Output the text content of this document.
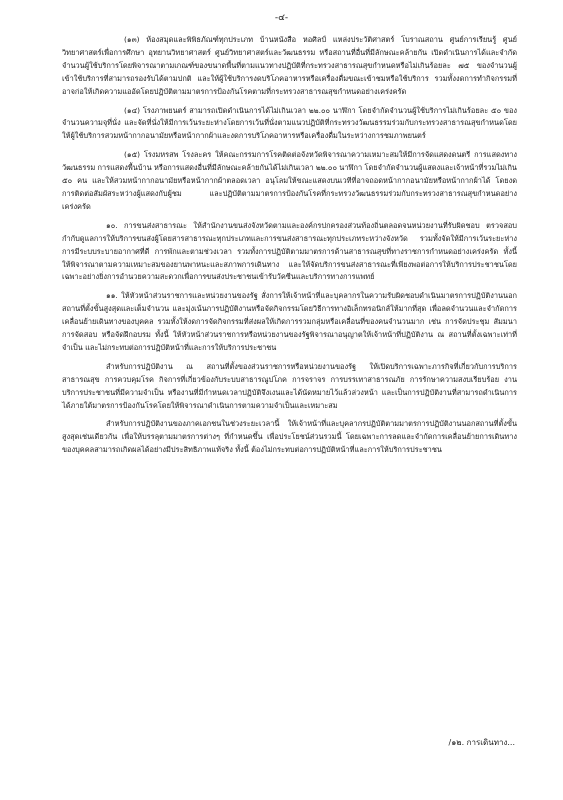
-๔-

(๑๓) ห้องสมุดและพิพิธภัณฑ์ทุกประเภท บ้านหนังสือ หอศิลป์ แหล่งประวัติศาสตร์ โบราณสถาน ศูนย์การเรียนรู้ ศูนย์วิทยาศาสตร์เพื่อการศึกษา อุทยานวิทยาศาสตร์ ศูนย์วิทยาศาสตร์และวัฒนธรรม หรือสถานที่อื่นที่มีลักษณะคล้ายกัน เปิดดำเนินการได้และจำกัดจำนวนผู้ใช้บริการโดยพิจารณาตามเกณฑ์ของขนาดพื้นที่ตามแนวทางปฏิบัติที่กระทรวงสาธารณสุขกำหนดหรือไม่เกินร้อยละ ๗๕ ของจำนวนผู้เข้าใช้บริการที่สามารถรองรับได้ตามปกติ และให้ผู้ใช้บริการงดบริโภคอาหารหรือเครื่องดื่มขณะเข้าชมหรือใช้บริการ รวมทั้งงดการทำกิจกรรมที่อาจก่อให้เกิดความแออัดโดยปฏิบัติตามมาตรการป้องกันโรคตามที่กระทรวงสาธารณสุขกำหนดอย่างเคร่งครัด

(๑๔) โรงภาพยนตร์ สามารถเปิดดำเนินการได้ไม่เกินเวลา ๒๒.๐๐ นาฬิกา โดยจำกัดจำนวนผู้ใช้บริการไม่เกินร้อยละ ๕๐ ของจำนวนความจุที่นั่ง และจัดที่นั่งให้มีการเว้นระยะห่างโดยการเว้นที่นั่งตามแนวปฏิบัติที่กระทรวงวัฒนธรรมร่วมกับกระทรวงสาธารณสุขกำหนดโดยให้ผู้ใช้บริการสวมหน้ากากอนามัยหรือหน้ากากผ้าและงดการบริโภคอาหารหรือเครื่องดื่มในระหว่างการชมภาพยนตร์

(๑๕) โรงมหรสพ โรงละคร ให้คณะกรรมการโรคติดต่อจังหวัดพิจารณาความเหมาะสมให้มีการจัดแสดงดนตรี การแสดงทางวัฒนธรรม การแสดงพื้นบ้าน หรือการแสดงอื่นที่มีลักษณะคล้ายกันได้ไม่เกินเวลา ๒๒.๐๐ นาฬิกา โดยจำกัดจำนวนผู้แสดงและเจ้าหน้าที่รวมไม่เกิน ๕๐ คน และให้สวมหน้ากากอนามัยหรือหน้ากากผ้าตลอดเวลา อนุโลมให้ขณะแสดงบนเวทีที่อาจถอดหน้ากากอนามัยหรือหน้ากากผ้าได้ โดยงดการติดต่อสัมผัสระหว่างผู้แสดงกับผู้ชม และปฏิบัติตามมาตรการป้องกันโรคที่กระทรวงวัฒนธรรมร่วมกับกระทรวงสาธารณสุขกำหนดอย่างเคร่งครัด

๑๐. การขนส่งสาธารณะ ให้สำนักงานขนส่งจังหวัดตามและองค์กรปกครองส่วนท้องถิ่นตลอดจนหน่วยงานที่รับผิดชอบ ตรวจสอบกำกับดูแลการให้บริการขนส่งผู้โดยสารสาธารณะทุกประเภทและการขนส่งสาธารณะทุกประเภทระหว่างจังหวัด รวมทั้งจัดให้มีการเว้นระยะห่าง การมีระบบระบายอากาศที่ดี การพักและตามช่วงเวลา รวมทั้งการปฏิบัติตามมาตรการด้านสาธารณสุขที่ทางราชการกำหนดอย่างเคร่งครัด ทั้งนี้ ให้พิจารณาตามความเหมาะสมของยานพาหนะและสภาพการเดินทาง และให้จัดบริการขนส่งสาธารณะที่เพียงพอต่อการให้บริการประชาชนโดยเฉพาะอย่างยิ่งการอำนวยความสะดวกเพื่อการขนส่งประชาชนเข้ารับวัคซีนและบริการทางการแพทย์

๑๑. ให้หัวหน้าส่วนราชการและหน่วยงานของรัฐ สั่งการให้เจ้าหน้าที่และบุคลากรในความรับผิดชอบดำเนินมาตรการปฏิบัติงานนอกสถานที่ตั้งขั้นสูงสุดและเต็มจำนวน และมุ่งเน้นการปฏิบัติงานหรือจัดกิจกรรมโดยวิธีการทางอิเล็กทรอนิกส์ให้มากที่สุด เพื่อลดจำนวนและจำกัดการเคลื่อนย้ายเดินทางของบุคคล รวมทั้งให้งดการจัดกิจกรรมที่ส่งผลให้เกิดการรวมกลุ่มหรือเคลื่อนที่ของคนจำนวนมาก เช่น การจัดประชุม สัมมนา การจัดสอบ หรือจัดฝึกอบรม ทั้งนี้ ให้หัวหน้าส่วนราชการหรือหน่วยงานของรัฐพิจารณาอนุญาตให้เจ้าหน้าที่ปฏิบัติงาน ณ สถานที่ตั้งเฉพาะเท่าที่จำเป็น และไม่กระทบต่อการปฏิบัติหน้าที่และการให้บริการประชาชน

สำหรับการปฏิบัติงาน ณ สถานที่ตั้งของส่วนราชการหรือหน่วยงานของรัฐ ให้เปิดบริการเฉพาะภารกิจที่เกี่ยวกับการบริการสาธารณสุข การควบคุมโรค กิจการที่เกี่ยวข้องกับระบบสาธารณูปโภค การจราจร การบรรเทาสาธารณภัย การรักษาความสงบเรียบร้อย งานบริการประชาชนที่มีความจำเป็น หรืองานที่มีกำหนดเวลาปฏิบัติจึงเงนและได้นัดหมายไว้แล้วล่วงหน้า และเป็นการปฏิบัติงานที่สามารถดำเนินการได้ภายใต้มาตรการป้องกันโรคโดยให้พิจารณาดำเนินการตามความจำเป็นและเหมาะสม

สำหรับการปฏิบัติงานของภาคเอกชนในช่วงระยะเวลานี้ ให้เจ้าหน้าที่และบุคลากรปฏิบัติตามมาตรการปฏิบัติงานนอกสถานที่ตั้งขั้นสูงสุดเช่นเดียวกัน เพื่อให้บรรลุตามมาตรการต่างๆ ที่กำหนดขึ้น เพื่อประโยชน์ส่วนรวมนี้ โดยเฉพาะการลดและจำกัดการเคลื่อนย้ายการเดินทางของบุคคลสามารถเกิดผลได้อย่างมีประสิทธิภาพแท้จริง ทั้งนี้ ต้องไม่กระทบต่อการปฏิบัติหน้าที่และการให้บริการประชาชน

/๑๒. การเดินทาง...
